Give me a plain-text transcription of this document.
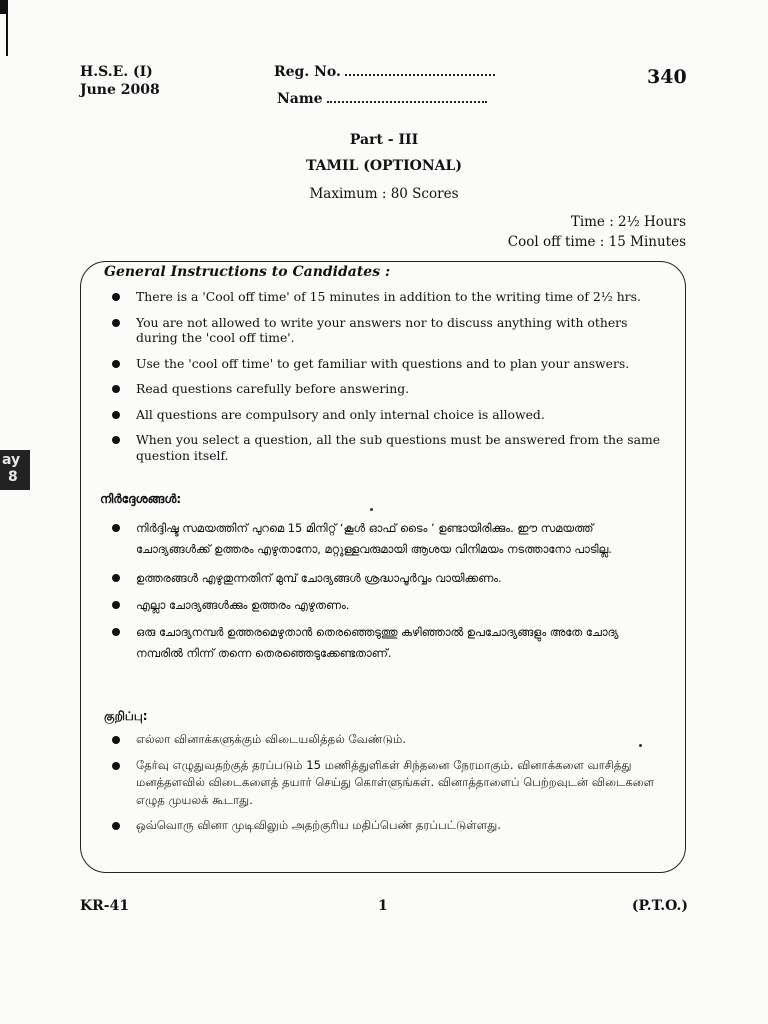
ay
8
H.S.E. (I)
June 2008
Reg. No.
Name
340
Part - III
TAMIL (OPTIONAL)
Maximum : 80 Scores
Time : 2½ Hours
Cool off time : 15 Minutes
General Instructions to Candidates :
There is a 'Cool off time' of 15 minutes in addition to the writing time of 2½ hrs.
You are not allowed to write your answers nor to discuss anything with others during the 'cool off time'.
Use the 'cool off time' to get familiar with questions and to plan your answers.
Read questions carefully before answering.
All questions are compulsory and only internal choice is allowed.
When you select a question, all the sub questions must be answered from the same question itself.
നിർദ്ദേശങ്ങൾ:
നിർദ്ദിഷ്ട സമയത്തിന് പുറമെ 15 മിനിറ്റ് ‘കൂൾ ഓഫ് ടൈം ’ ഉണ്ടായിരിക്കും. ഈ സമയത്ത് ചോദ്യങ്ങൾക്ക് ഉത്തരം എഴുതാനോ, മറ്റുള്ളവരുമായി ആശയ വിനിമയം നടത്താനോ പാടില്ല.
ഉത്തരങ്ങൾ എഴുതുന്നതിന് മുമ്പ് ചോദ്യങ്ങൾ ശ്രദ്ധാപൂർവ്വം വായിക്കണം.
എല്ലാ ചോദ്യങ്ങൾക്കും ഉത്തരം എഴുതണം.
ഒരു ചോദ്യനമ്പർ ഉത്തരമെഴുതാൻ തെരഞ്ഞെടുത്തു കഴിഞ്ഞാൽ ഉപചോദ്യങ്ങളും അതേ ചോദ്യ നമ്പരിൽ നിന്ന് തന്നെ തെരഞ്ഞെടുക്കേണ്ടതാണ്.
குறிப்பு:
எல்லா வினாக்களுக்கும் விடையலித்தல் வேண்டும்.
தேர்வு எழுதுவதற்குத் தரப்படும் 15 மணித்துளிகள் சிந்தனை நேரமாகும். வினாக்களை வாசித்து மனத்தளவில் விடைகளைத் தயார் செய்து கொள்ளுங்கள். வினாத்தாளைப் பெற்றவுடன் விடைகளை எழுத முயலக் கூடாது.
ஒவ்வொரு வினா முடிவிலும் அதற்குரிய மதிப்பெண் தரப்பட்டுள்ளது.
KR-41	1	(P.T.O.)
